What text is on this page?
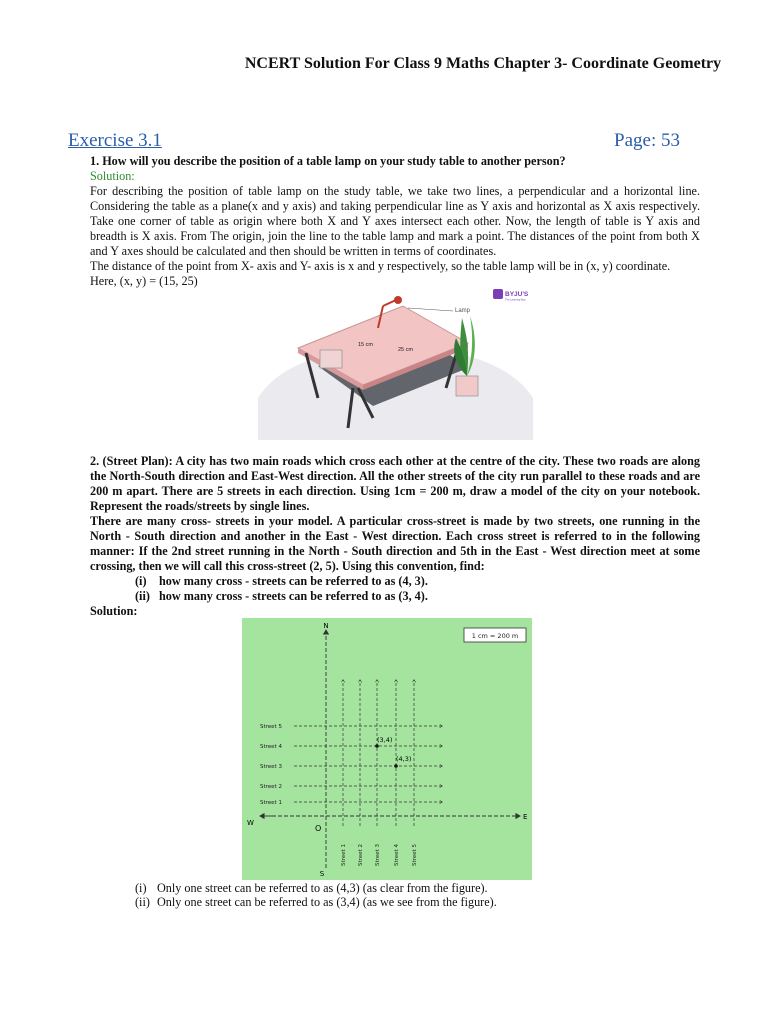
NCERT Solution For Class 9 Maths Chapter 3- Coordinate Geometry
Exercise 3.1	Page: 53
1. How will you describe the position of a table lamp on your study table to another person?
Solution:
For describing the position of table lamp on the study table, we take two lines, a perpendicular and a horizontal line. Considering the table as a plane(x and y axis) and taking perpendicular line as Y axis and horizontal as X axis respectively. Take one corner of table as origin where both X and Y axes intersect each other. Now, the length of table is Y axis and breadth is X axis. From The origin, join the line to the table lamp and mark a point. The distances of the point from both X and Y axes should be calculated and then should be written in terms of coordinates.
The distance of the point from X- axis and Y- axis is x and y respectively, so the table lamp will be in (x, y) coordinate.
Here, (x, y) = (15, 25)
Lamp
15 cm
25 cm
BYJU'S
The Learning App
2. (Street Plan): A city has two main roads which cross each other at the centre of the city. These two roads are along the North-South direction and East-West direction. All the other streets of the city run parallel to these roads and are 200 m apart. There are 5 streets in each direction. Using 1cm = 200 m, draw a model of the city on your notebook. Represent the roads/streets by single lines.
There are many cross- streets in your model. A particular cross-street is made by two streets, one running in the North - South direction and another in the East - West direction. Each cross street is referred to in the following manner: If the 2nd street running in the North - South direction and 5th in the East - West direction meet at some crossing, then we will call this cross-street (2, 5). Using this convention, find:
(i) how many cross - streets can be referred to as (4, 3).
(ii) how many cross - streets can be referred to as (3, 4).
Solution:
1 cm = 200 m
Street 5
Street 4
Street 3
Street 2
Street 1
Street 1 Street 2 Street 3 Street 4 Street 5
N
S
E
W
O
(3,4)
(4,3)
(i) Only one street can be referred to as (4,3) (as clear from the figure).
(ii) Only one street can be referred to as (3,4) (as we see from the figure).
